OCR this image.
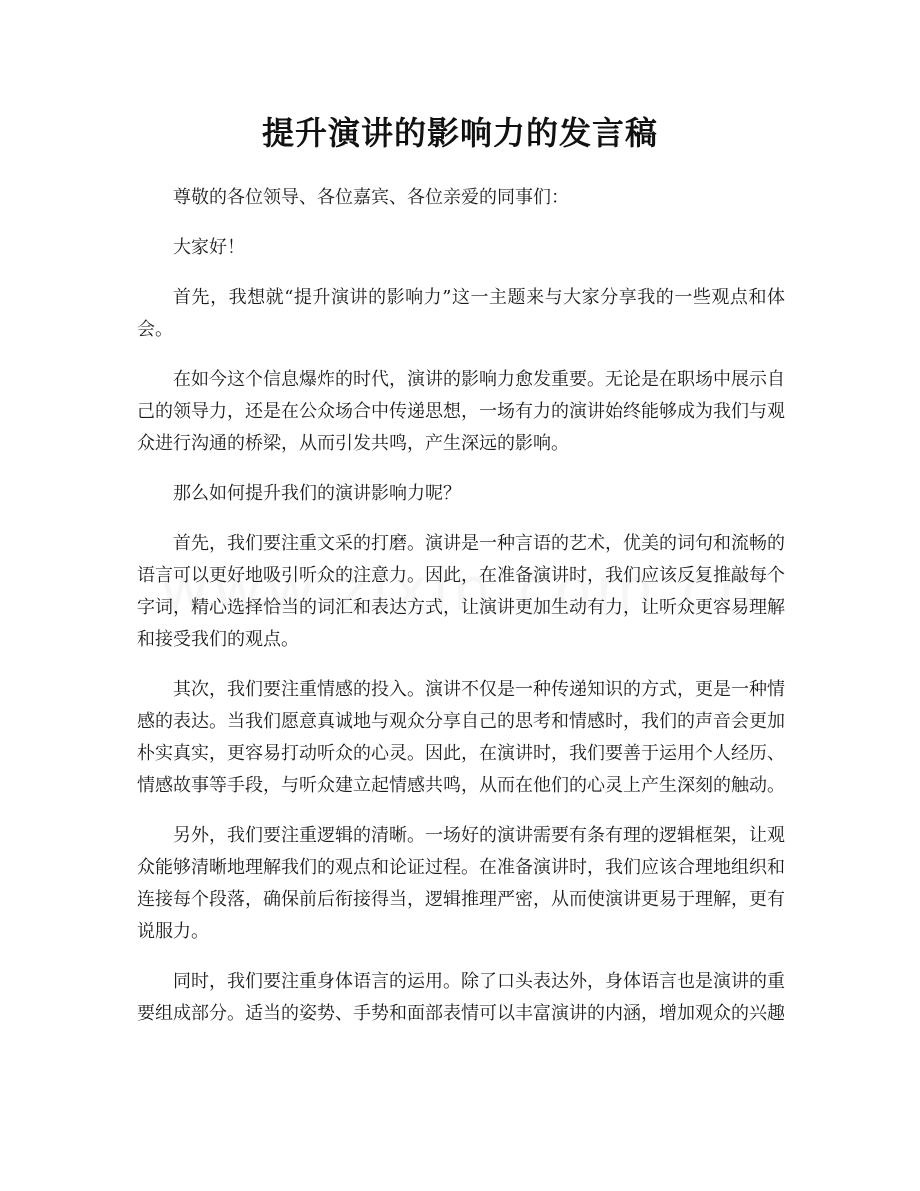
提升演讲的影响力的发言稿

尊敬的各位领导、各位嘉宾、各位亲爱的同事们：

大家好！

首先，我想就“提升演讲的影响力”这一主题来与大家分享我的一些观点和体会。

在如今这个信息爆炸的时代，演讲的影响力愈发重要。无论是在职场中展示自己的领导力，还是在公众场合中传递思想，一场有力的演讲始终能够成为我们与观众进行沟通的桥梁，从而引发共鸣，产生深远的影响。

那么如何提升我们的演讲影响力呢？

首先，我们要注重文采的打磨。演讲是一种言语的艺术，优美的词句和流畅的语言可以更好地吸引听众的注意力。因此，在准备演讲时，我们应该反复推敲每个字词，精心选择恰当的词汇和表达方式，让演讲更加生动有力，让听众更容易理解和接受我们的观点。

其次，我们要注重情感的投入。演讲不仅是一种传递知识的方式，更是一种情感的表达。当我们愿意真诚地与观众分享自己的思考和情感时，我们的声音会更加朴实真实，更容易打动听众的心灵。因此，在演讲时，我们要善于运用个人经历、情感故事等手段，与听众建立起情感共鸣，从而在他们的心灵上产生深刻的触动。

另外，我们要注重逻辑的清晰。一场好的演讲需要有条有理的逻辑框架，让观众能够清晰地理解我们的观点和论证过程。在准备演讲时，我们应该合理地组织和连接每个段落，确保前后衔接得当，逻辑推理严密，从而使演讲更易于理解，更有说服力。

同时，我们要注重身体语言的运用。除了口头表达外，身体语言也是演讲的重要组成部分。适当的姿势、手势和面部表情可以丰富演讲的内涵，增加观众的兴趣
